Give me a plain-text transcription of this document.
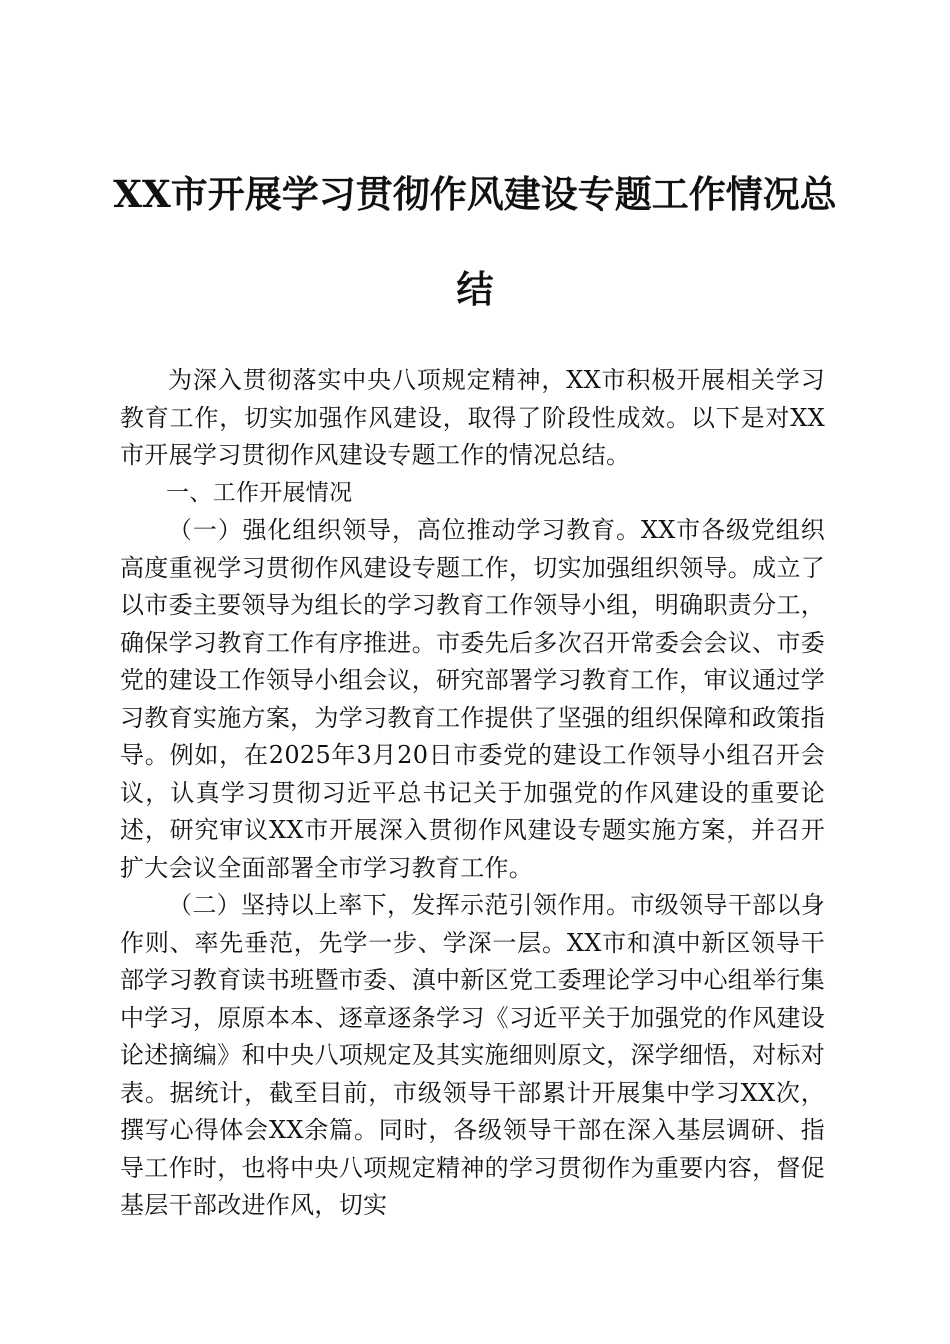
XX市开展学习贯彻作风建设专题工作情况总
结

为深入贯彻落实中央八项规定精神，XX市积极开展相关学习教育工作，切实加强作风建设，取得了阶段性成效。以下是对XX市开展学习贯彻作风建设专题工作的情况总结。

一、工作开展情况

（一）强化组织领导，高位推动学习教育。XX市各级党组织高度重视学习贯彻作风建设专题工作，切实加强组织领导。成立了以市委主要领导为组长的学习教育工作领导小组，明确职责分工，确保学习教育工作有序推进。市委先后多次召开常委会会议、市委党的建设工作领导小组会议，研究部署学习教育工作，审议通过学习教育实施方案，为学习教育工作提供了坚强的组织保障和政策指导。例如，在2025年3月20日市委党的建设工作领导小组召开会议，认真学习贯彻习近平总书记关于加强党的作风建设的重要论述，研究审议XX市开展深入贯彻作风建设专题实施方案，并召开扩大会议全面部署全市学习教育工作。

（二）坚持以上率下，发挥示范引领作用。市级领导干部以身作则、率先垂范，先学一步、学深一层。XX市和滇中新区领导干部学习教育读书班暨市委、滇中新区党工委理论学习中心组举行集中学习，原原本本、逐章逐条学习《习近平关于加强党的作风建设论述摘编》和中央八项规定及其实施细则原文，深学细悟，对标对表。据统计，截至目前，市级领导干部累计开展集中学习XX次，撰写心得体会XX余篇。同时，各级领导干部在深入基层调研、指导工作时，也将中央八项规定精神的学习贯彻作为重要内容，督促基层干部改进作风，切实
